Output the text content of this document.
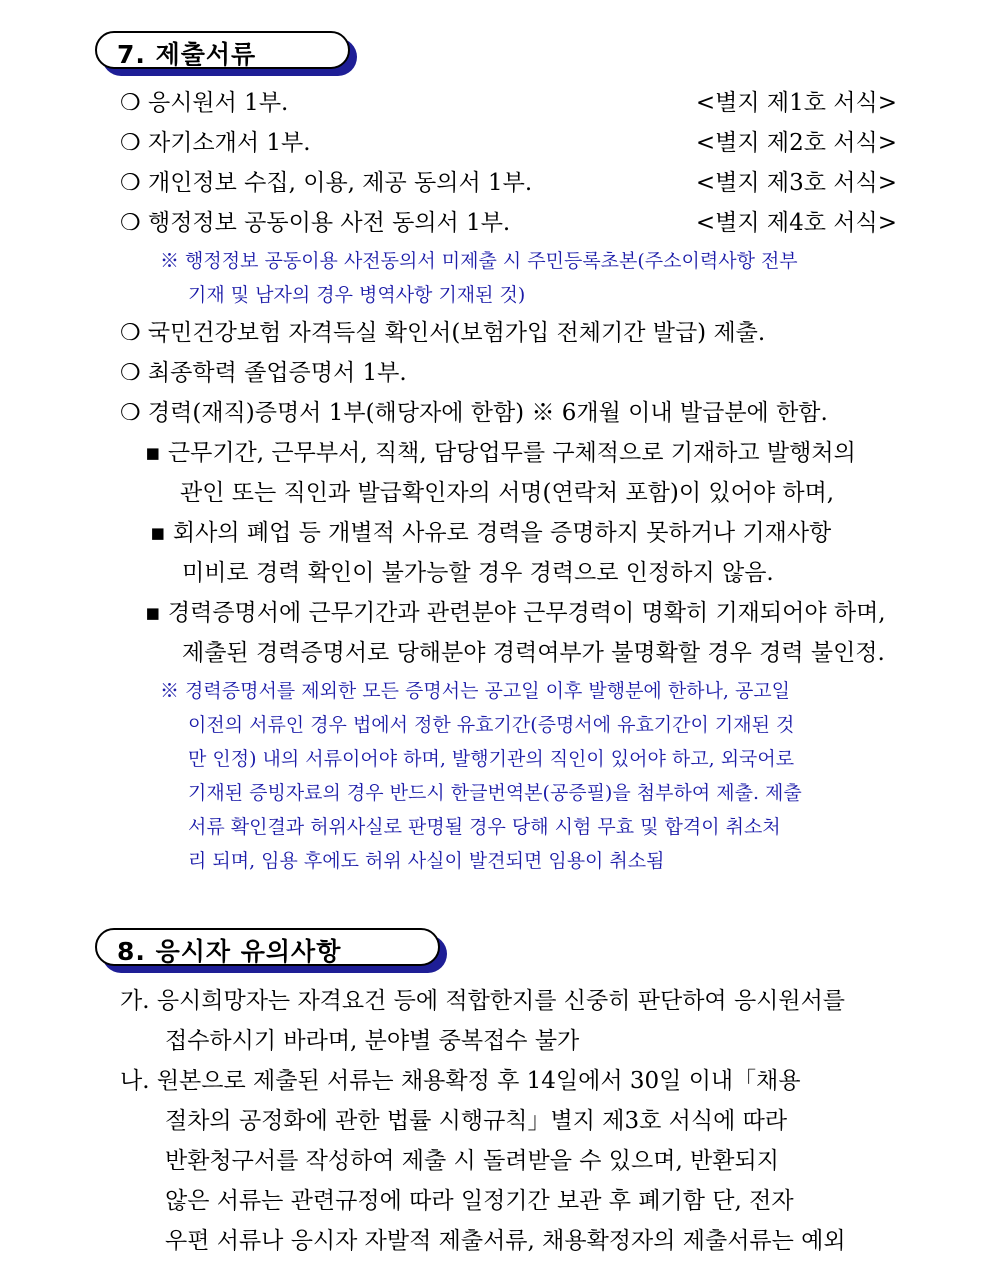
7. 제출서류
❍ 응시원서 1부.	<별지 제1호 서식>
❍ 자기소개서 1부.	<별지 제2호 서식>
❍ 개인정보 수집, 이용, 제공 동의서 1부.	<별지 제3호 서식>
❍ 행정정보 공동이용 사전 동의서 1부.	<별지 제4호 서식>
※ 행정정보 공동이용 사전동의서 미제출 시 주민등록초본(주소이력사항 전부
기재 및 남자의 경우 병역사항 기재된 것)
❍ 국민건강보험 자격득실 확인서(보험가입 전체기간 발급) 제출.
❍ 최종학력 졸업증명서 1부.
❍ 경력(재직)증명서 1부(해당자에 한함) ※ 6개월 이내 발급분에 한함.
▪ 근무기간, 근무부서, 직책, 담당업무를 구체적으로 기재하고 발행처의
관인 또는 직인과 발급확인자의 서명(연락처 포함)이 있어야 하며,
▪ 회사의 폐업 등 개별적 사유로 경력을 증명하지 못하거나 기재사항
미비로 경력 확인이 불가능할 경우 경력으로 인정하지 않음.
▪ 경력증명서에 근무기간과 관련분야 근무경력이 명확히 기재되어야 하며,
제출된 경력증명서로 당해분야 경력여부가 불명확할 경우 경력 불인정.
※ 경력증명서를 제외한 모든 증명서는 공고일 이후 발행분에 한하나, 공고일
이전의 서류인 경우 법에서 정한 유효기간(증명서에 유효기간이 기재된 것
만 인정) 내의 서류이어야 하며, 발행기관의 직인이 있어야 하고, 외국어로
기재된 증빙자료의 경우 반드시 한글번역본(공증필)을 첨부하여 제출. 제출
서류 확인결과 허위사실로 판명될 경우 당해 시험 무효 및 합격이 취소처
리 되며, 임용 후에도 허위 사실이 발견되면 임용이 취소됨
8. 응시자 유의사항
가. 응시희망자는 자격요건 등에 적합한지를 신중히 판단하여 응시원서를
접수하시기 바라며, 분야별 중복접수 불가
나. 원본으로 제출된 서류는 채용확정 후 14일에서 30일 이내「채용
절차의 공정화에 관한 법률 시행규칙」별지 제3호 서식에 따라
반환청구서를 작성하여 제출 시 돌려받을 수 있으며, 반환되지
않은 서류는 관련규정에 따라 일정기간 보관 후 폐기함 단, 전자
우편 서류나 응시자 자발적 제출서류, 채용확정자의 제출서류는 예외
